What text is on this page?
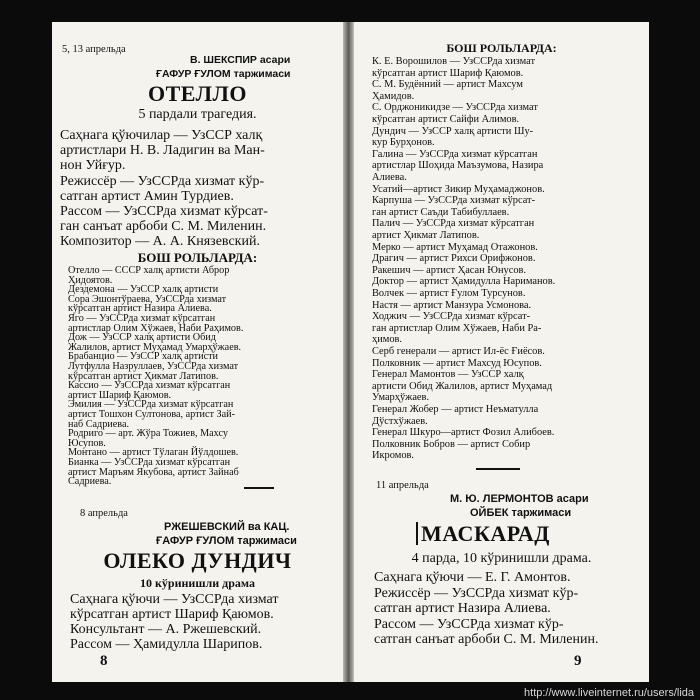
5, 13 апрельда
В. ШЕКСПИР асари
ҒАФУР ҒУЛОМ таржимаси
ОТЕЛЛО
5 пардали трагедия.
Саҳнага қўючилар — УзССР халқ
артистлари Н. В. Ладигин ва Ман-
нон Уйғур.
Режиссёр — УзССРда хизмат кўр-
сатган артист Амин Турдиев.
Рассом — УзССРда хизмат кўрсат-
ган санъат арбоби С. М. Миленин.
Композитор — А. А. Князевский.
БОШ РОЛЬЛАРДА:
Отелло — СССР халқ артисти Аброр
Ҳидоятов.
Дездемона — УзССР халқ артисти
Сора Эшонтўраева, УзССРда хизмат
кўрсатган артист Назира Алиева.
Яго — УзССРда хизмат кўрсатган
артистлар Олим Хўжаев, Наби Раҳимов.
Дож — УзССР халқ артисти Обид
Жалилов, артист Муҳамад Умарҳўжаев.
Брабанцио — УзССР халқ артисти
Лутфулла Назруллаев, УзССРда хизмат
кўрсатган артист Ҳикмат Латипов.
Кассио — УзССРда хизмат кўрсатган
артист Шариф Қаюмов.
Эмилия — УзССРда хизмат кўрсатган
артист Тошхон Султонова, артист Зай-
наб Садриева.
Родриго — арт. Жўра Тожиев, Махсу
Юсупов.
Монтано — артист Тўлаган Йўлдошев.
Бианка — УзССРда хизмат кўрсатган
артист Маръям Якубова, артист Зайнаб
Садриева.
8 апрельда
РЖЕШЕВСКИЙ ва КАЦ.
ҒАФУР ҒУЛОМ таржимаси
ОЛЕКО ДУНДИЧ
10 кўринишли драма
Саҳнага қўючи — УзССРда хизмат
кўрсатган артист Шариф Қаюмов.
Консультант — А. Ржешевский.
Рассом — Ҳамидулла Шарипов.
8
БОШ РОЛЬЛАРДА:
К. Е. Ворошилов — УзССРда хизмат
кўрсатган артист Шариф Қаюмов.
С. М. Будённий — артист Махсум
Ҳамидов.
С. Орджоникидзе — УзССРда хизмат
кўрсатган артист Сайфи Алимов.
Дундич — УзССР халқ артисти Шу-
кур Бурҳонов.
Галина — УзССРда хизмат кўрсатган
артистлар Шоҳида Маъзумова, Назира
Алиева.
Усатий—артист Зикир Муҳамаджонов.
Карпуша — УзССРда хизмат кўрсат-
ган артист Саъди Табибуллаев.
Палич — УзССРда хизмат кўрсатган
артист Ҳикмат Латипов.
Мерко — артист Муҳамад Отажонов.
Драгич — артист Рихси Орифжонов.
Ракешич — артист Ҳасан Юнусов.
Доктор — артист Ҳамидулла Нариманов.
Волчек — артист Ғулом Турсунов.
Настя — артист Манзура Усмонова.
Ходжич — УзССРда хизмат кўрсат-
ган артистлар Олим Хўжаев, Наби Ра-
ҳимов.
Серб генерали — артист Ил-ёс Ғиёсов.
Полковник — артист Махсуд Юсупов.
Генерал Мамонтов — УзССР халқ
артисти Обид Жалилов, артист Муҳамад
Умарҳўжаев.
Генерал Жобер — артист Неъматулла
Дўстхўжаев.
Генерал Шкуро—артист Фозил Алибоев.
Полковник Бобров — артист Собир
Икромов.
11 апрельда
М. Ю. ЛЕРМОНТОВ асари
ОЙБЕК таржимаси
МАСКАРАД
4 парда, 10 кўринишли драма.
Саҳнага қўючи — Е. Г. Амонтов.
Режиссёр — УзССРда хизмат кўр-
сатган артист Назира Алиева.
Рассом — УзССРда хизмат кўр-
сатган санъат арбоби С. М. Миленин.
9
http://www.liveinternet.ru/users/lida
